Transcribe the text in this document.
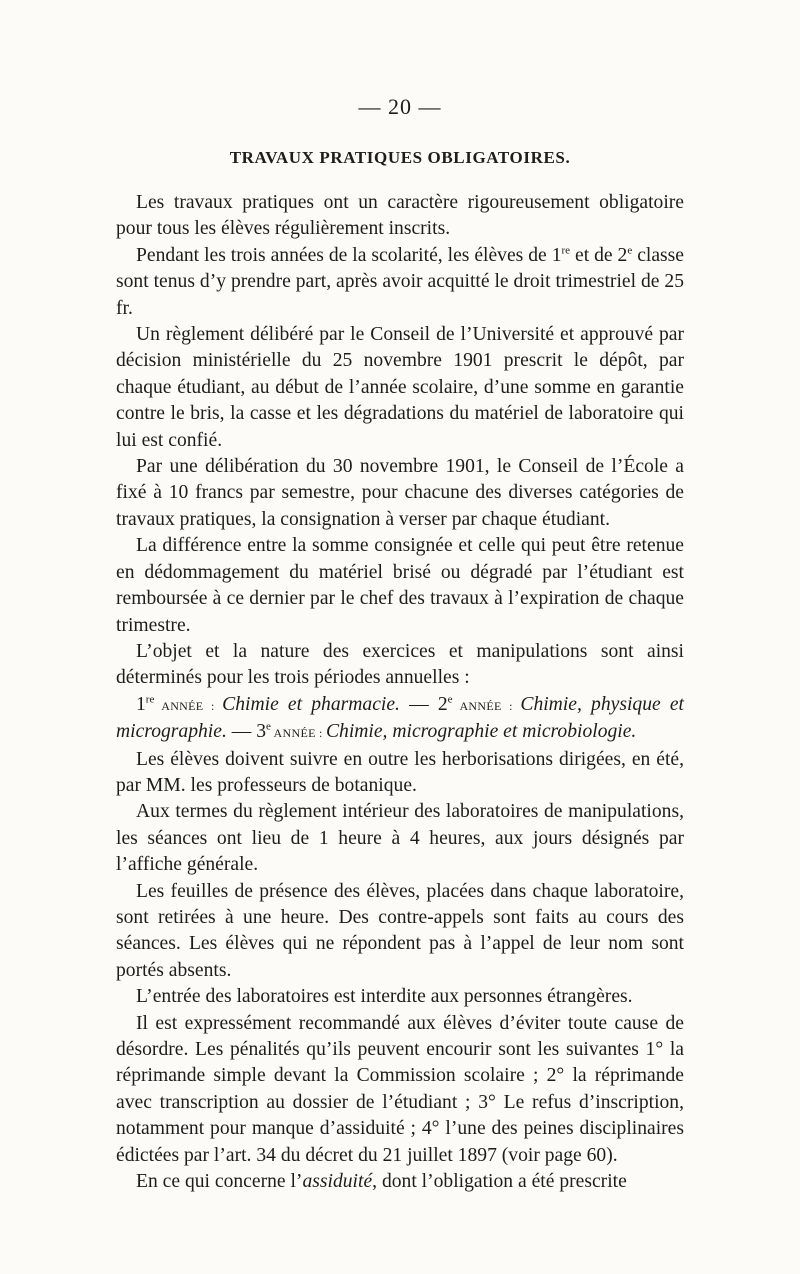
— 20 —
TRAVAUX PRATIQUES OBLIGATOIRES.

Les travaux pratiques ont un caractère rigoureusement obligatoire pour tous les élèves régulièrement inscrits.

Pendant les trois années de la scolarité, les élèves de 1re et de 2e classe sont tenus d’y prendre part, après avoir acquitté le droit trimestriel de 25 fr.

Un règlement délibéré par le Conseil de l’Université et approuvé par décision ministérielle du 25 novembre 1901 prescrit le dépôt, par chaque étudiant, au début de l’année scolaire, d’une somme en garantie contre le bris, la casse et les dégradations du matériel de laboratoire qui lui est confié.

Par une délibération du 30 novembre 1901, le Conseil de l’École a fixé à 10 francs par semestre, pour chacune des diverses catégories de travaux pratiques, la consignation à verser par chaque étudiant.

La différence entre la somme consignée et celle qui peut être retenue en dédommagement du matériel brisé ou dégradé par l’étudiant est remboursée à ce dernier par le chef des travaux à l’expiration de chaque trimestre.

L’objet et la nature des exercices et manipulations sont ainsi déterminés pour les trois périodes annuelles :

1re ANNÉE : Chimie et pharmacie. — 2e ANNÉE : Chimie, physique et micrographie. — 3e ANNÉE : Chimie, micrographie et microbiologie.

Les élèves doivent suivre en outre les herborisations dirigées, en été, par MM. les professeurs de botanique.

Aux termes du règlement intérieur des laboratoires de manipulations, les séances ont lieu de 1 heure à 4 heures, aux jours désignés par l’affiche générale.

Les feuilles de présence des élèves, placées dans chaque laboratoire, sont retirées à une heure. Des contre-appels sont faits au cours des séances. Les élèves qui ne répondent pas à l’appel de leur nom sont portés absents.

L’entrée des laboratoires est interdite aux personnes étrangères.

Il est expressément recommandé aux élèves d’éviter toute cause de désordre. Les pénalités qu’ils peuvent encourir sont les suivantes 1° la réprimande simple devant la Commission scolaire ; 2° la réprimande avec transcription au dossier de l’étudiant ; 3° Le refus d’inscription, notamment pour manque d’assiduité ; 4° l’une des peines disciplinaires édictées par l’art. 34 du décret du 21 juillet 1897 (voir page 60).

En ce qui concerne l’assiduité, dont l’obligation a été prescrite
